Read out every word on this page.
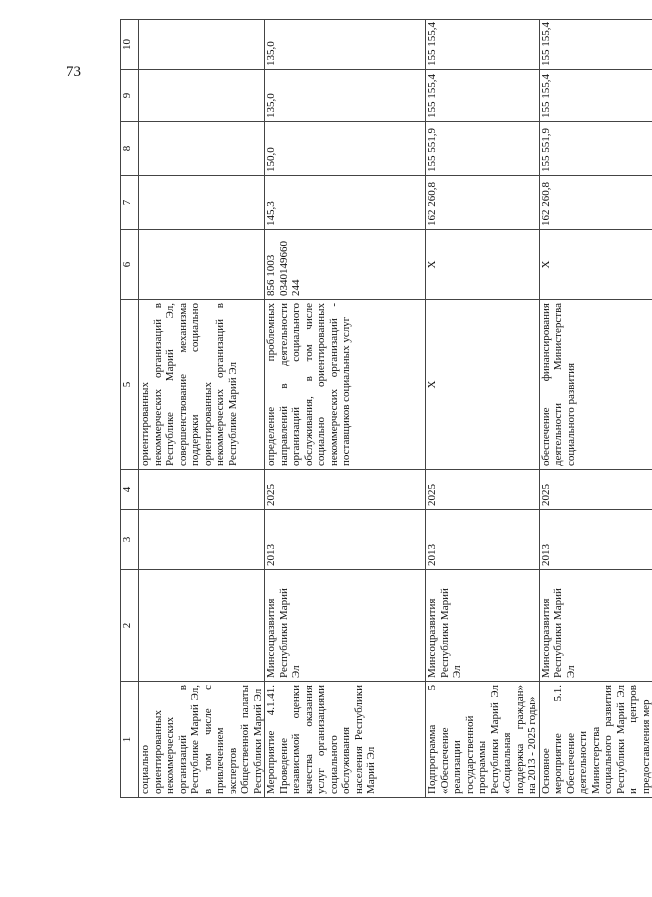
73
1	2	3	4	5	6	7	8	9	10
социально ориентированных некоммерческих организаций в Республике Марий Эл, в том числе с привлечением экспертов Общественной палаты Республики Марий Эл				ориентированных некоммерческих организаций в Республике Марий Эл, совершенствование механизма поддержки социально ориентированных некоммерческих организаций в Республике Марий Эл					
Мероприятие 4.1.41. Проведение независимой оценки качества оказания услуг организациями социального обслуживания населения Республики Марий Эл	Минсоцразвития Республики Марий Эл	2013	2025	определение проблемных направлений в деятельности организаций социального обслуживания, в том числе социально ориентированных некоммерческих организаций - поставщиков социальных услуг	856 1003 0340149660 244	145,3	150,0	135,0	135,0
Подпрограмма 5 «Обеспечение реализации государственной программы Республики Марий Эл «Социальная поддержка граждан» на 2013 - 2025 годы»	Минсоцразвития Республики Марий Эл	2013	2025	Х	Х	162 260,8	155 551,9	155 155,4	155 155,4
Основное мероприятие 5.1. Обеспечение деятельности Министерства социального развития Республики Марий Эл и центров предоставления мер	Минсоцразвития Республики Марий Эл	2013	2025	обеспечение финансирования деятельности Министерства социального развития	Х	162 260,8	155 551,9	155 155,4	155 155,4
